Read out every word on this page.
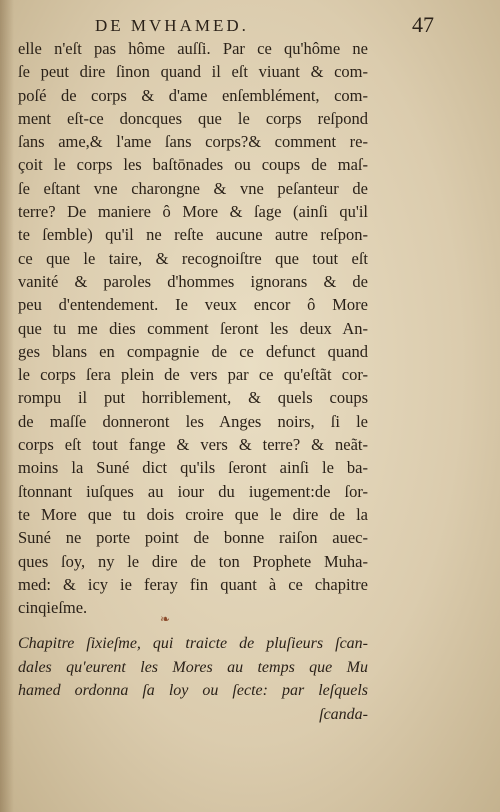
DE MVHAMED.	47
elle n'eſt pas hôme auſſi. Par ce qu'hôme ne
ſe peut dire ſinon quand il eſt viuant & com-
poſé de corps & d'ame enſemblément, com-
ment eſt-ce doncques que le corps reſpond
ſans ame,& l'ame ſans corps?& comment re-
çoit le corps les baſtōnades ou coups de maſ-
ſe eſtant vne charongne & vne peſanteur de
terre? De maniere ô More & ſage (ainſi qu'il
te ſemble) qu'il ne reſte aucune autre reſpon-
ce que le taire, & recognoiſtre que tout eſt
vanité & paroles d'hommes ignorans & de
peu d'entendement. Ie veux encor ô More
que tu me dies comment ſeront les deux An-
ges blans en compagnie de ce defunct quand
le corps ſera plein de vers par ce qu'eſtãt cor-
rompu il put horriblement, & quels coups
de maſſe donneront les Anges noirs, ſi le
corps eſt tout fange & vers & terre? & neãt-
moins la Suné dict qu'ils ſeront ainſi le ba-
ſtonnant iuſques au iour du iugement:de ſor-
te More que tu dois croire que le dire de la
Suné ne porte point de bonne raiſon auec-
ques ſoy, ny le dire de ton Prophete Muha-
med: & icy ie feray fin quant à ce chapitre
cinqieſme.
❧
Chapitre ſixieſme, qui traicte de pluſieurs ſcan-
dales qu'eurent les Mores au temps que Mu
hamed ordonna ſa loy ou ſecte: par leſquels
ſcanda-
